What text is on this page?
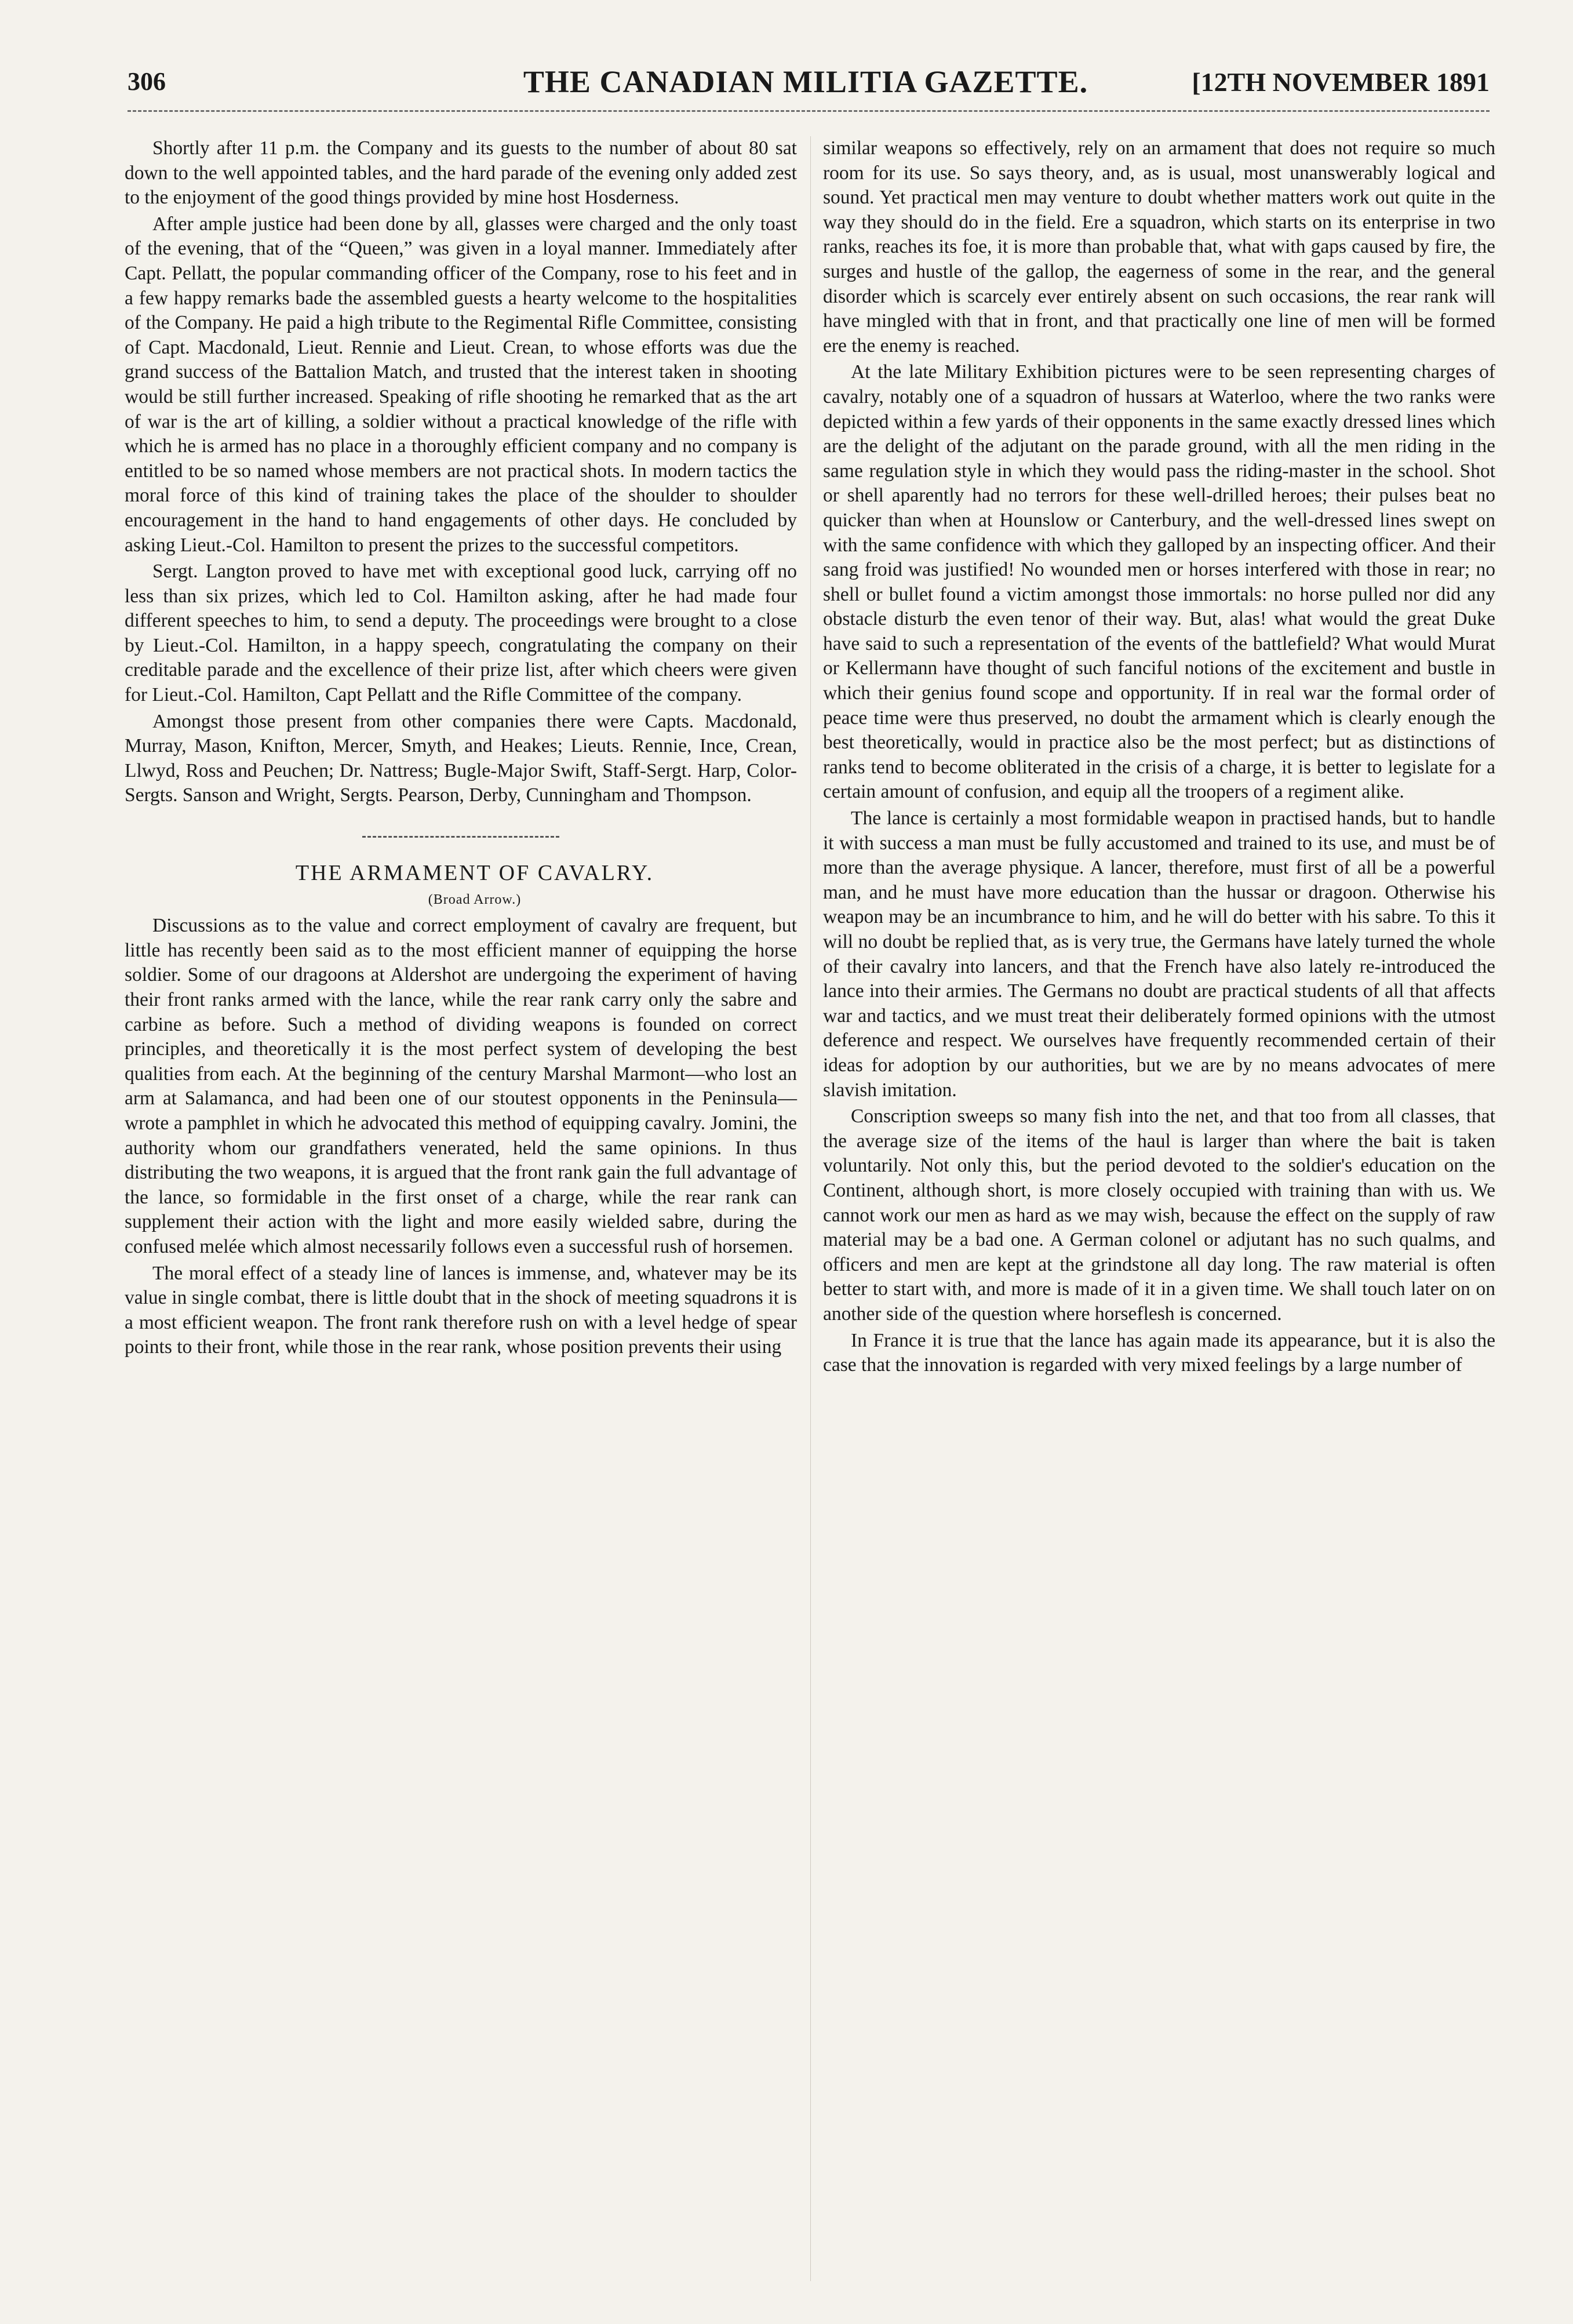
306	THE CANADIAN MILITIA GAZETTE.	[12TH NOVEMBER 1891

Shortly after 11 p.m. the Company and its guests to the number of about 80 sat down to the well appointed tables, and the hard parade of the evening only added zest to the enjoyment of the good things provided by mine host Hosderness.

After ample justice had been done by all, glasses were charged and the only toast of the evening, that of the “Queen,” was given in a loyal manner. Immediately after Capt. Pellatt, the popular commanding officer of the Company, rose to his feet and in a few happy remarks bade the assembled guests a hearty welcome to the hospitalities of the Company. He paid a high tribute to the Regimental Rifle Committee, consisting of Capt. Macdonald, Lieut. Rennie and Lieut. Crean, to whose efforts was due the grand success of the Battalion Match, and trusted that the interest taken in shooting would be still further increased. Speaking of rifle shooting he remarked that as the art of war is the art of killing, a soldier without a practical knowledge of the rifle with which he is armed has no place in a thoroughly efficient company and no company is entitled to be so named whose members are not practical shots. In modern tactics the moral force of this kind of training takes the place of the shoulder to shoulder encouragement in the hand to hand engagements of other days. He concluded by asking Lieut.-Col. Hamilton to present the prizes to the successful competitors.

Sergt. Langton proved to have met with exceptional good luck, carrying off no less than six prizes, which led to Col. Hamilton asking, after he had made four different speeches to him, to send a deputy. The proceedings were brought to a close by Lieut.-Col. Hamilton, in a happy speech, congratulating the company on their creditable parade and the excellence of their prize list, after which cheers were given for Lieut.-Col. Hamilton, Capt Pellatt and the Rifle Committee of the company.

Amongst those present from other companies there were Capts. Macdonald, Murray, Mason, Knifton, Mercer, Smyth, and Heakes; Lieuts. Rennie, Ince, Crean, Llwyd, Ross and Peuchen; Dr. Nattress; Bugle-Major Swift, Staff-Sergt. Harp, Color-Sergts. Sanson and Wright, Sergts. Pearson, Derby, Cunningham and Thompson.

THE ARMAMENT OF CAVALRY.

(Broad Arrow.)

Discussions as to the value and correct employment of cavalry are frequent, but little has recently been said as to the most efficient manner of equipping the horse soldier. Some of our dragoons at Aldershot are undergoing the experiment of having their front ranks armed with the lance, while the rear rank carry only the sabre and carbine as before. Such a method of dividing weapons is founded on correct principles, and theoretically it is the most perfect system of developing the best qualities from each. At the beginning of the century Marshal Marmont—who lost an arm at Salamanca, and had been one of our stoutest opponents in the Peninsula—wrote a pamphlet in which he advocated this method of equipping cavalry. Jomini, the authority whom our grandfathers venerated, held the same opinions. In thus distributing the two weapons, it is argued that the front rank gain the full advantage of the lance, so formidable in the first onset of a charge, while the rear rank can supplement their action with the light and more easily wielded sabre, during the confused melée which almost necessarily follows even a successful rush of horsemen.

The moral effect of a steady line of lances is immense, and, whatever may be its value in single combat, there is little doubt that in the shock of meeting squadrons it is a most efficient weapon. The front rank therefore rush on with a level hedge of spear points to their front, while those in the rear rank, whose position prevents their using

similar weapons so effectively, rely on an armament that does not require so much room for its use. So says theory, and, as is usual, most unanswerably logical and sound. Yet practical men may venture to doubt whether matters work out quite in the way they should do in the field. Ere a squadron, which starts on its enterprise in two ranks, reaches its foe, it is more than probable that, what with gaps caused by fire, the surges and hustle of the gallop, the eagerness of some in the rear, and the general disorder which is scarcely ever entirely absent on such occasions, the rear rank will have mingled with that in front, and that practically one line of men will be formed ere the enemy is reached.

At the late Military Exhibition pictures were to be seen representing charges of cavalry, notably one of a squadron of hussars at Waterloo, where the two ranks were depicted within a few yards of their opponents in the same exactly dressed lines which are the delight of the adjutant on the parade ground, with all the men riding in the same regulation style in which they would pass the riding-master in the school. Shot or shell aparently had no terrors for these well-drilled heroes; their pulses beat no quicker than when at Hounslow or Canterbury, and the well-dressed lines swept on with the same confidence with which they galloped by an inspecting officer. And their sang froid was justified! No wounded men or horses interfered with those in rear; no shell or bullet found a victim amongst those immortals: no horse pulled nor did any obstacle disturb the even tenor of their way. But, alas! what would the great Duke have said to such a representation of the events of the battlefield? What would Murat or Kellermann have thought of such fanciful notions of the excitement and bustle in which their genius found scope and opportunity. If in real war the formal order of peace time were thus preserved, no doubt the armament which is clearly enough the best theoretically, would in practice also be the most perfect; but as distinctions of ranks tend to become obliterated in the crisis of a charge, it is better to legislate for a certain amount of confusion, and equip all the troopers of a regiment alike.

The lance is certainly a most formidable weapon in practised hands, but to handle it with success a man must be fully accustomed and trained to its use, and must be of more than the average physique. A lancer, therefore, must first of all be a powerful man, and he must have more education than the hussar or dragoon. Otherwise his weapon may be an incumbrance to him, and he will do better with his sabre. To this it will no doubt be replied that, as is very true, the Germans have lately turned the whole of their cavalry into lancers, and that the French have also lately re-introduced the lance into their armies. The Germans no doubt are practical students of all that affects war and tactics, and we must treat their deliberately formed opinions with the utmost deference and respect. We ourselves have frequently recommended certain of their ideas for adoption by our authorities, but we are by no means advocates of mere slavish imitation.

Conscription sweeps so many fish into the net, and that too from all classes, that the average size of the items of the haul is larger than where the bait is taken voluntarily. Not only this, but the period devoted to the soldier's education on the Continent, although short, is more closely occupied with training than with us. We cannot work our men as hard as we may wish, because the effect on the supply of raw material may be a bad one. A German colonel or adjutant has no such qualms, and officers and men are kept at the grindstone all day long. The raw material is often better to start with, and more is made of it in a given time. We shall touch later on on another side of the question where horseflesh is concerned.

In France it is true that the lance has again made its appearance, but it is also the case that the innovation is regarded with very mixed feelings by a large number of
